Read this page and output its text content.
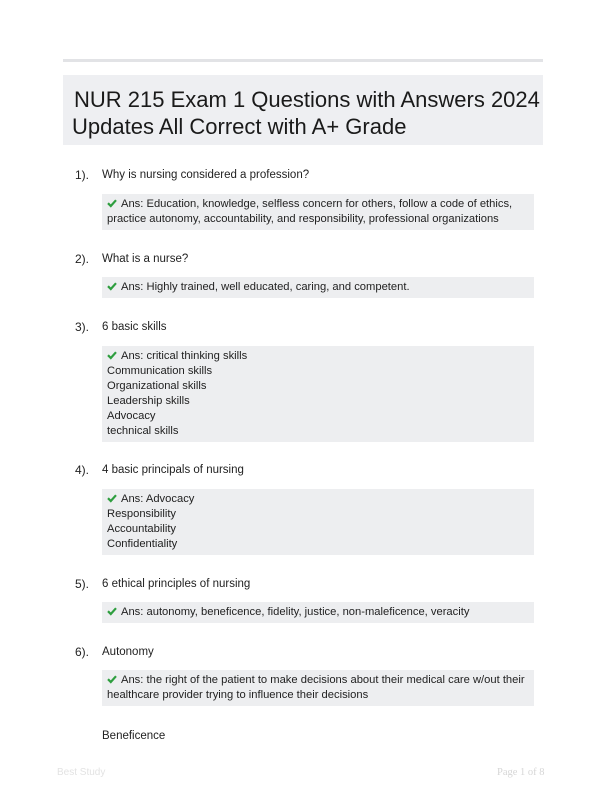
NUR 215 Exam 1 Questions with Answers 2024
Updates All Correct with A+ Grade
1). Why is nursing considered a profession?
Ans: Education, knowledge, selfless concern for others, follow a code of ethics,
practice autonomy, accountability, and responsibility, professional organizations
2). What is a nurse?
Ans: Highly trained, well educated, caring, and competent.
3). 6 basic skills
Ans: critical thinking skills
Communication skills
Organizational skills
Leadership skills
Advocacy
technical skills
4). 4 basic principals of nursing
Ans: Advocacy
Responsibility
Accountability
Confidentiality
5). 6 ethical principles of nursing
Ans: autonomy, beneficence, fidelity, justice, non-maleficence, veracity
6). Autonomy
Ans: the right of the patient to make decisions about their medical care w/out their
healthcare provider trying to influence their decisions
Beneficence
Best Study	Page 1 of 8
